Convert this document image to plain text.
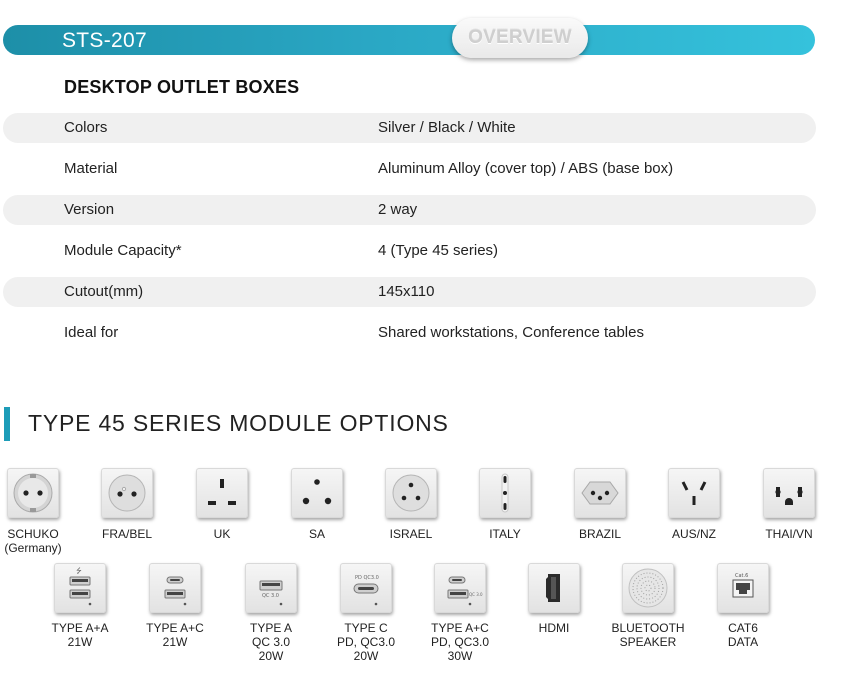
STS-207	OVERVIEW
DESKTOP OUTLET BOXES
Colors	Silver / Black / White
Material	Aluminum Alloy (cover top) / ABS (base box)
Version	2 way
Module Capacity*	4 (Type 45 series)
Cutout(mm)	145x110
Ideal for	Shared workstations, Conference tables
TYPE 45 SERIES MODULE OPTIONS
SCHUKO
(Germany)
FRA/BEL	UK	SA	ISRAEL	ITALY	BRAZIL	AUS/NZ	THAI/VN
⭍
TYPE A+A
21W
TYPE A+C
21W
QC 3.0
TYPE A
QC 3.0
20W
PD QC3.0
TYPE C
PD, QC3.0
20W
QC 3.0
TYPE A+C
PD, QC3.0
30W
HDMI	BLUETOOTH
SPEAKER
Cat.6
CAT6
DATA
